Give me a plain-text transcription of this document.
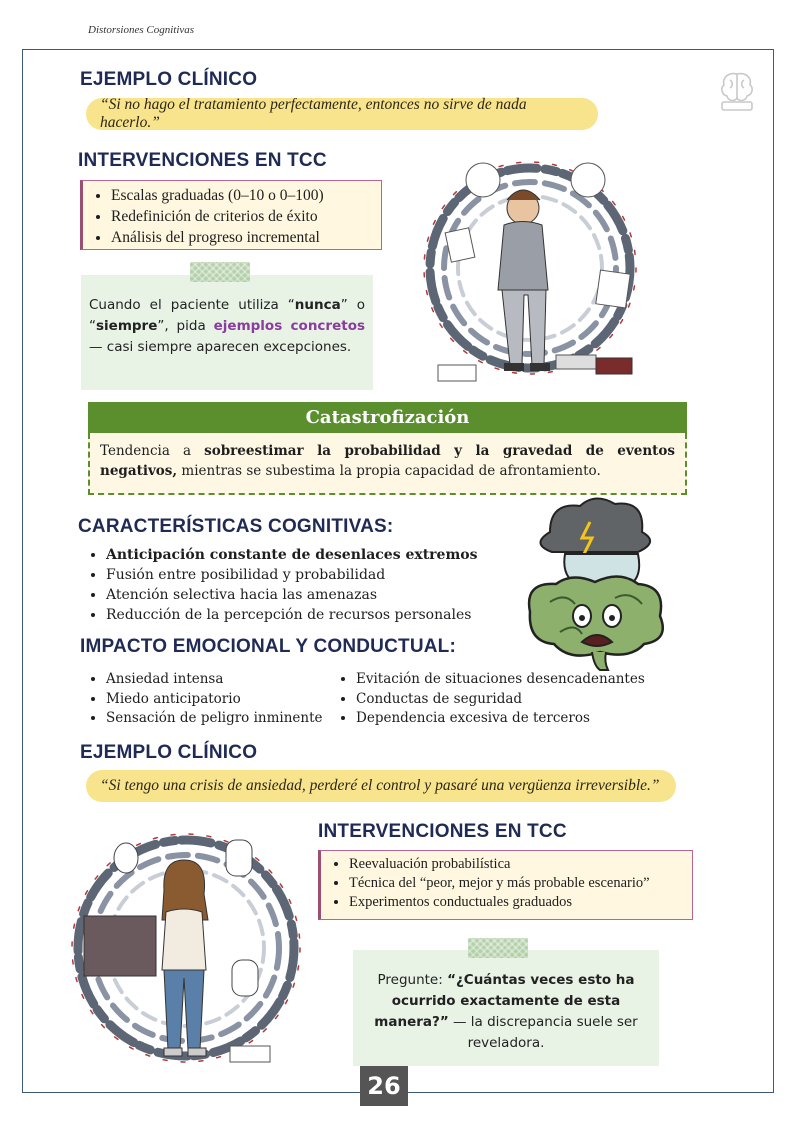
Distorsiones Cognitivas
EJEMPLO CLÍNICO
“Si no hago el tratamiento perfectamente, entonces no sirve de nada hacerlo.”
INTERVENCIONES EN TCC
• Escalas graduadas (0–10 o 0–100)
• Redefinición de criterios de éxito
• Análisis del progreso incremental
Cuando el paciente utiliza “nunca” o “siempre”, pida ejemplos concretos — casi siempre aparecen excepciones.
Catastrofización
Tendencia a sobreestimar la probabilidad y la gravedad de eventos negativos, mientras se subestima la propia capacidad de afrontamiento.
CARACTERÍSTICAS COGNITIVAS:
• Anticipación constante de desenlaces extremos
• Fusión entre posibilidad y probabilidad
• Atención selectiva hacia las amenazas
• Reducción de la percepción de recursos personales
IMPACTO EMOCIONAL Y CONDUCTUAL:
• Ansiedad intensa
• Miedo anticipatorio
• Sensación de peligro inminente
• Evitación de situaciones desencadenantes
• Conductas de seguridad
• Dependencia excesiva de terceros
EJEMPLO CLÍNICO
“Si tengo una crisis de ansiedad, perderé el control y pasaré una vergüenza irreversible.”
INTERVENCIONES EN TCC
• Reevaluación probabilística
• Técnica del “peor, mejor y más probable escenario”
• Experimentos conductuales graduados
Pregunte: “¿Cuántas veces esto ha ocurrido exactamente de esta manera?” — la discrepancia suele ser reveladora.
26
